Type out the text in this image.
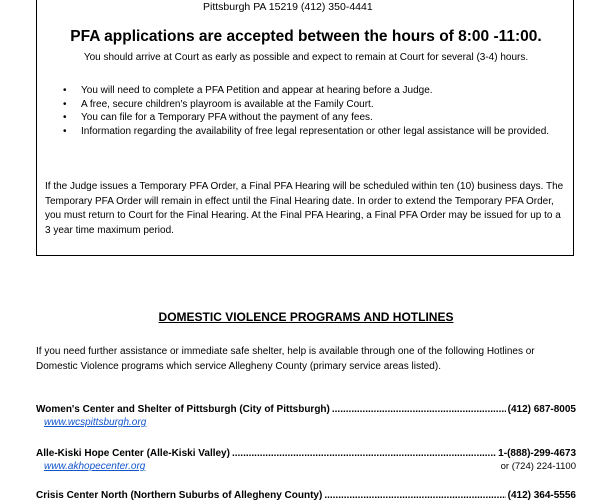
Pittsburgh PA 15219 (412) 350-4441
PFA applications are accepted between the hours of 8:00 -11:00.
You should arrive at Court as early as possible and expect to remain at Court for several (3-4) hours.
• You will need to complete a PFA Petition and appear at hearing before a Judge.
• A free, secure children's playroom is available at the Family Court.
• You can file for a Temporary PFA without the payment of any fees.
• Information regarding the availability of free legal representation or other legal assistance will be provided.

If the Judge issues a Temporary PFA Order, a Final PFA Hearing will be scheduled within ten (10) business days. The Temporary PFA Order will remain in effect until the Final Hearing date. In order to extend the Temporary PFA Order, you must return to Court for the Final Hearing. At the Final PFA Hearing, a Final PFA Order may be issued for up to a 3 year time maximum period.

DOMESTIC VIOLENCE PROGRAMS AND HOTLINES

If you need further assistance or immediate safe shelter, help is available through one of the following Hotlines or Domestic Violence programs which service Allegheny County (primary service areas listed).

Women's Center and Shelter of Pittsburgh (City of Pittsburgh) .....	(412) 687-8005
www.wcspittsburgh.org
Alle-Kiski Hope Center (Alle-Kiski Valley) .....	1-(888)-299-4673
www.akhopecenter.org	or (724) 224-1100
Crisis Center North (Northern Suburbs of Allegheny County) .....	(412) 364-5556
